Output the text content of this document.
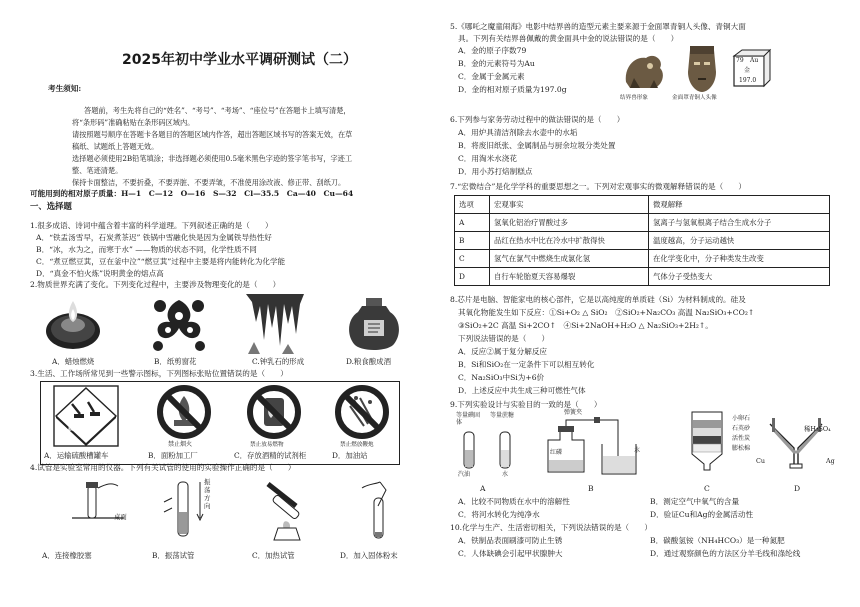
2025年初中学业水平调研测试（二）
考生须知:
答题前，考生先将自己的“姓名”、“考号”、“考场”、“座位号”在答题卡上填写清楚，
将“条形码”准确粘贴在条形码区域内。
请按照题号顺序在答题卡各题目的答题区域内作答，超出答题区域书写的答案无效，在草
稿纸、试题纸上答题无效。
选择题必须使用2B铅笔填涂；非选择题必须使用0.5毫米黑色字迹的签字笔书写，字迹工
整、笔迹清楚。
保持卡面整洁，不要折叠，不要弄脏、不要弄皱，不准使用涂改液、修正带、刮纸刀。
可能用到的相对原子质量：H—1　C—12　O—16　S—32　Cl—35.5　Ca—40　Cu—64
一、选择题
1.很多成语、诗词中蕴含着丰富的科学道理。下列叙述正确的是（　　）
A．“铁盂汤雪早，石炭煮茶迟” 铁锅中雪融化快是因为金属铁导热性好
B．“冰，水为之，而寒于水” ——物质的状态不同，化学性质不同
C．“煮豆燃豆萁，豆在釜中泣”“燃豆萁”过程中主要是将内能转化为化学能
D．“真金不怕火炼”说明黄金的熔点高
2.物质世界充满了变化。下列变化过程中，主要涉及物理变化的是（　　）
A．蜡烛燃烧	B．纸剪窗花	C.钟乳石的形成	D.粮食酿成酒
3.生活、工作场所常见到一些警示图标，下列图标张贴位置错误的是（　　）
腐蚀品
禁止烟火	禁止放易燃物	禁止燃放鞭炮
A．运输硫酸槽罐车	B．面粉加工厂	C．存放酒精的试剂柜	D．加油站
4.试管是实验室常用的仪器。下列有关试管的使用的实验操作正确的是（　　）
桌面
振荡方向
A．连接橡胶塞	B．振荡试管	C．加热试管	D．加入固体粉末
5.《哪吒之魔童闹海》电影中结界兽的造型元素主要来源于金面罩青铜人头像、青铜大面
具。下列有关结界兽佩戴的黄金面具中金的说法错误的是（　　）
A．金的原子序数79
B．金的元素符号为Au
C．金属于金属元素
D．金的相对原子质量为197.0g
结界兽形象	金面罩青铜人头像
79 Au
金
197.0
6.下列参与家务劳动过程中的做法错误的是（　　）
A．用炉具清洁剂除去水壶中的水垢
B．将废旧纸张、金属制品与厨余垃圾分类处置
C．用淘米水浇花
D．用小苏打焙制糕点
7.“宏微结合”是化学学科的重要思想之一。下列对宏观事实的微观解释错误的是（　　）
选项	宏观事实	微观解释
A	氢氧化铝治疗胃酸过多	氢离子与氢氧根离子结合生成水分子
B	品红在热水中比在冷水中扩散得快	温度越高，分子运动越快
C	氢气在氯气中燃烧生成氯化氢	在化学变化中，分子种类发生改变
D	自行车轮胎夏天容易爆裂	气体分子受热变大
8.芯片是电脑、智能家电的核心部件，它是以高纯度的单质硅（Si）为材料制成的。硅及
其氧化物能发生如下反应：①Si+O₂ △ SiO₂　②SiO₂+Na₂CO₃ 高温 Na₂SiO₃+CO₂↑
③SiO₂+2C 高温 Si+2CO↑　④Si+2NaOH+H₂O △ Na₂SiO₃+2H₂↑。
下列说法错误的是（　　）
A．反应②属于复分解反应
B．Si和SiO₂在一定条件下可以相互转化
C．Na₂SiO₃中Si为+6价
D．上述反应中共生成三种可燃性气体
9.下列实验设计与实验目的一致的是（　　）
等量碘固体
等量蔗糖
汽油	水
弹簧夹
红磷	水
小卵石
石英砂
活性炭
膨松棉
稀H₂SO₄
Cu	Ag
A	B	C	D
A．比较不同物质在水中的溶解性	B．测定空气中氧气的含量
C．将河水转化为纯净水	D．验证Cu和Ag的金属活动性
10.化学与生产、生活密切相关，下列说法错误的是（　　）
A．铁制品表面刷漆可防止生锈	B．碳酸氢铵（NH₄HCO₃）是一种氮肥
C．人体缺碘会引起甲状腺肿大	D．通过观察颜色的方法区分羊毛线和涤纶线
